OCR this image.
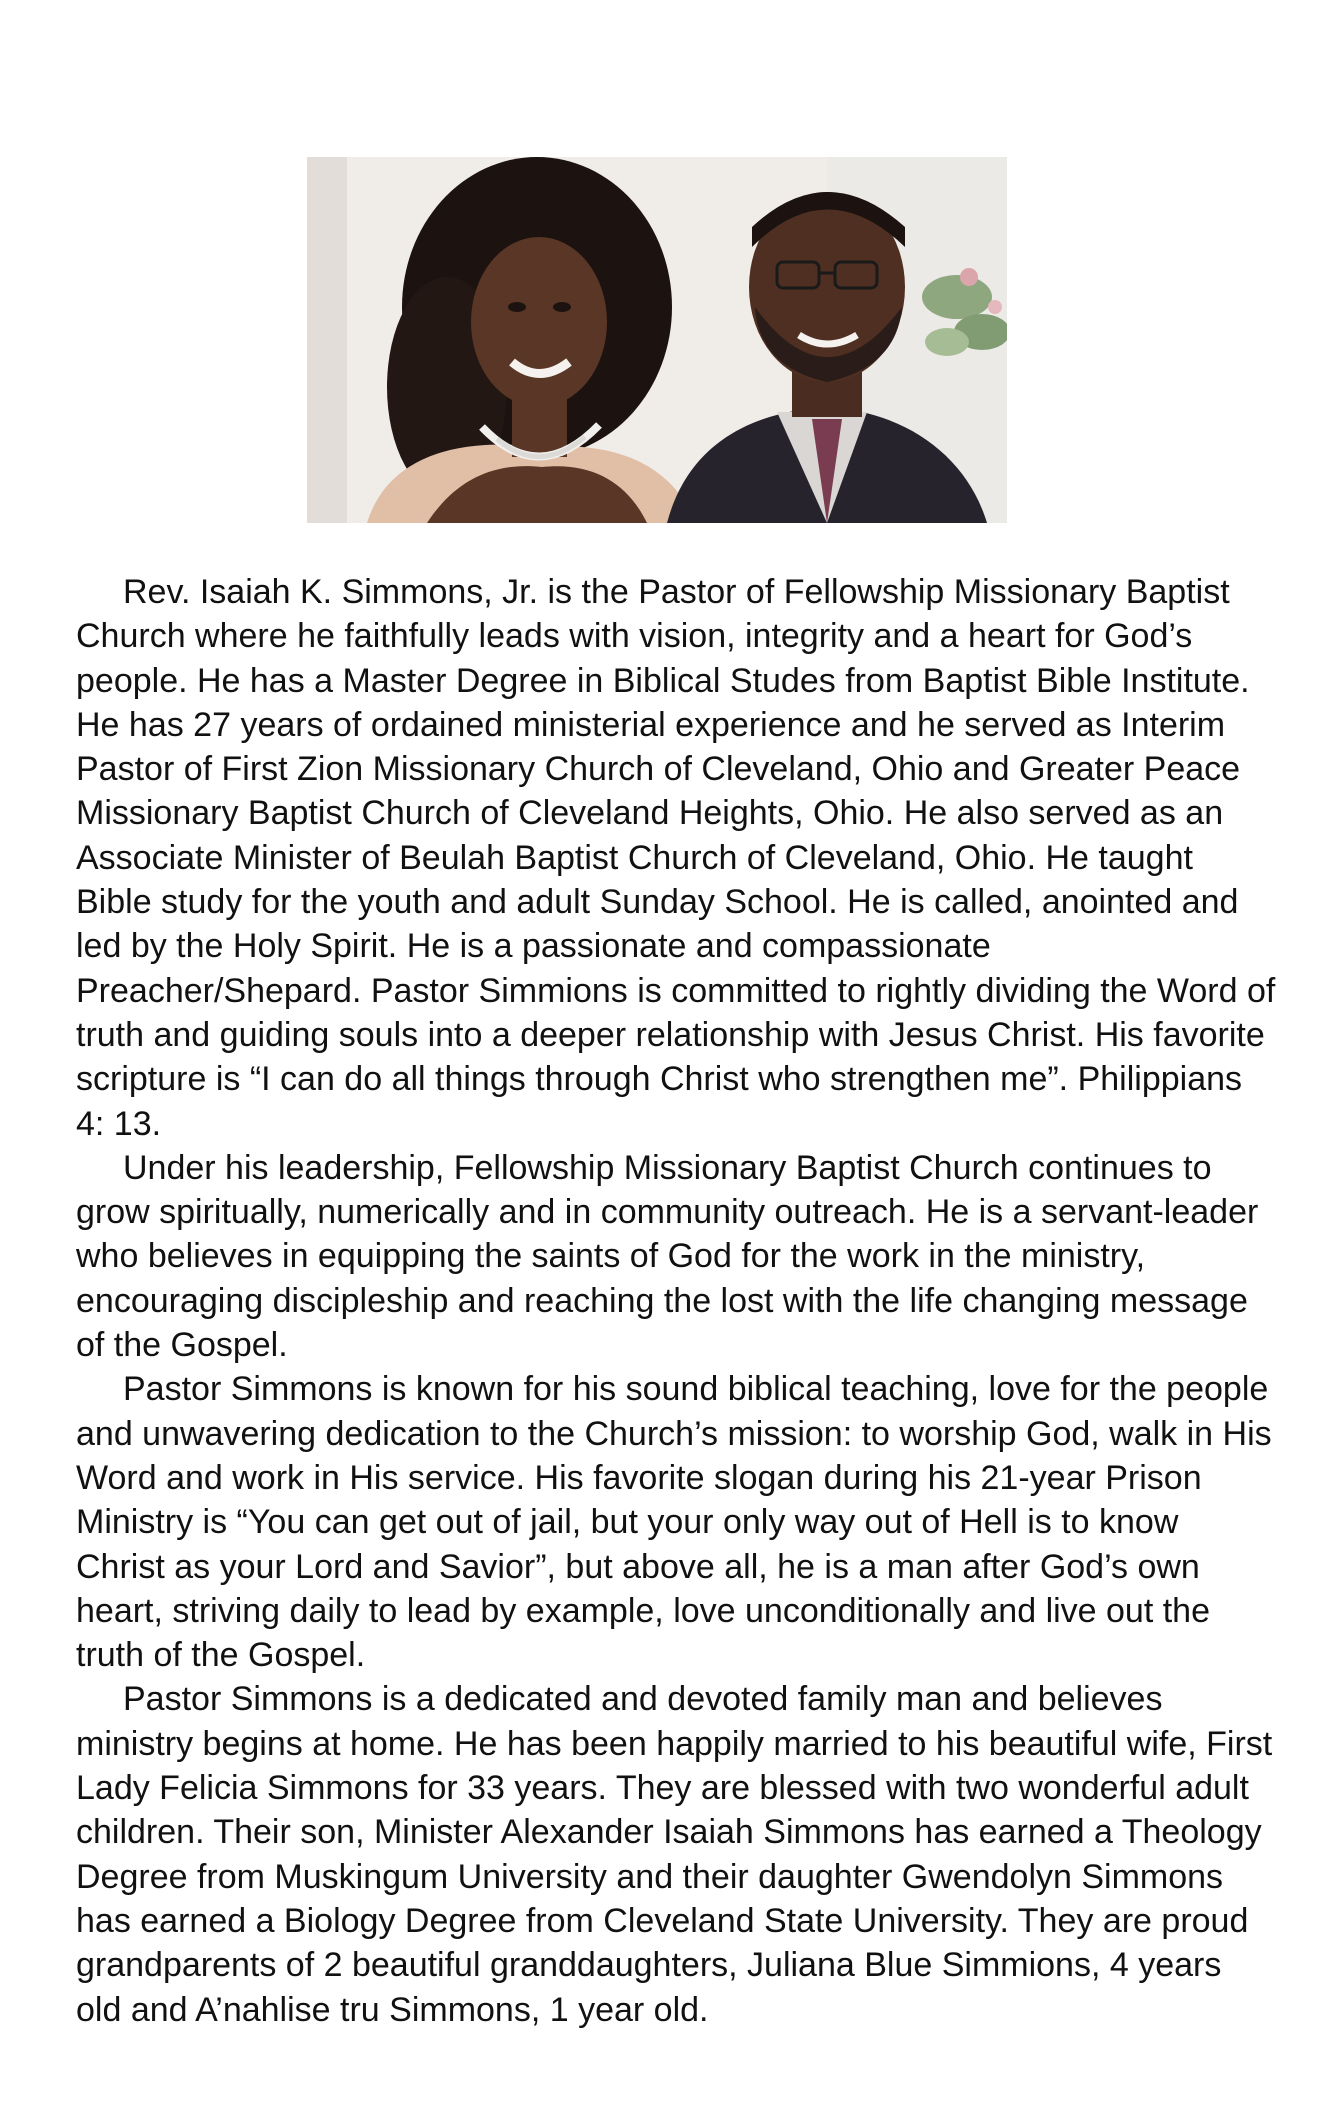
Rev. Isaiah K. Simmons, Jr. is the Pastor of Fellowship Missionary Baptist Church where he faithfully leads with vision, integrity and a heart for God’s people. He has a Master Degree in Biblical Studes from Baptist Bible Institute. He has 27 years of ordained ministerial experience and he served as Interim Pastor of First Zion Missionary Church of Cleveland, Ohio and Greater Peace Missionary Baptist Church of Cleveland Heights, Ohio. He also served as an Associate Minister of Beulah Baptist Church of Cleveland, Ohio. He taught Bible study for the youth and adult Sunday School. He is called, anointed and led by the Holy Spirit. He is a passionate and compassionate Preacher/Shepard. Pastor Simmions is committed to rightly dividing the Word of truth and guiding souls into a deeper relationship with Jesus Christ. His favorite scripture is “I can do all things through Christ who strengthen me”. Philippians 4: 13.

Under his leadership, Fellowship Missionary Baptist Church continues to grow spiritually, numerically and in community outreach. He is a servant-leader who believes in equipping the saints of God for the work in the ministry, encouraging discipleship and reaching the lost with the life changing message of the Gospel.

Pastor Simmons is known for his sound biblical teaching, love for the people and unwavering dedication to the Church’s mission: to worship God, walk in His Word and work in His service. His favorite slogan during his 21-year Prison Ministry is “You can get out of jail, but your only way out of Hell is to know Christ as your Lord and Savior”, but above all, he is a man after God’s own heart, striving daily to lead by example, love unconditionally and live out the truth of the Gospel.

Pastor Simmons is a dedicated and devoted family man and believes ministry begins at home. He has been happily married to his beautiful wife, First Lady Felicia Simmons for 33 years. They are blessed with two wonderful adult children. Their son, Minister Alexander Isaiah Simmons has earned a Theology Degree from Muskingum University and their daughter Gwendolyn Simmons has earned a Biology Degree from Cleveland State University. They are proud grandparents of 2 beautiful granddaughters, Juliana Blue Simmions, 4 years old and A’nahlise tru Simmons, 1 year old.
